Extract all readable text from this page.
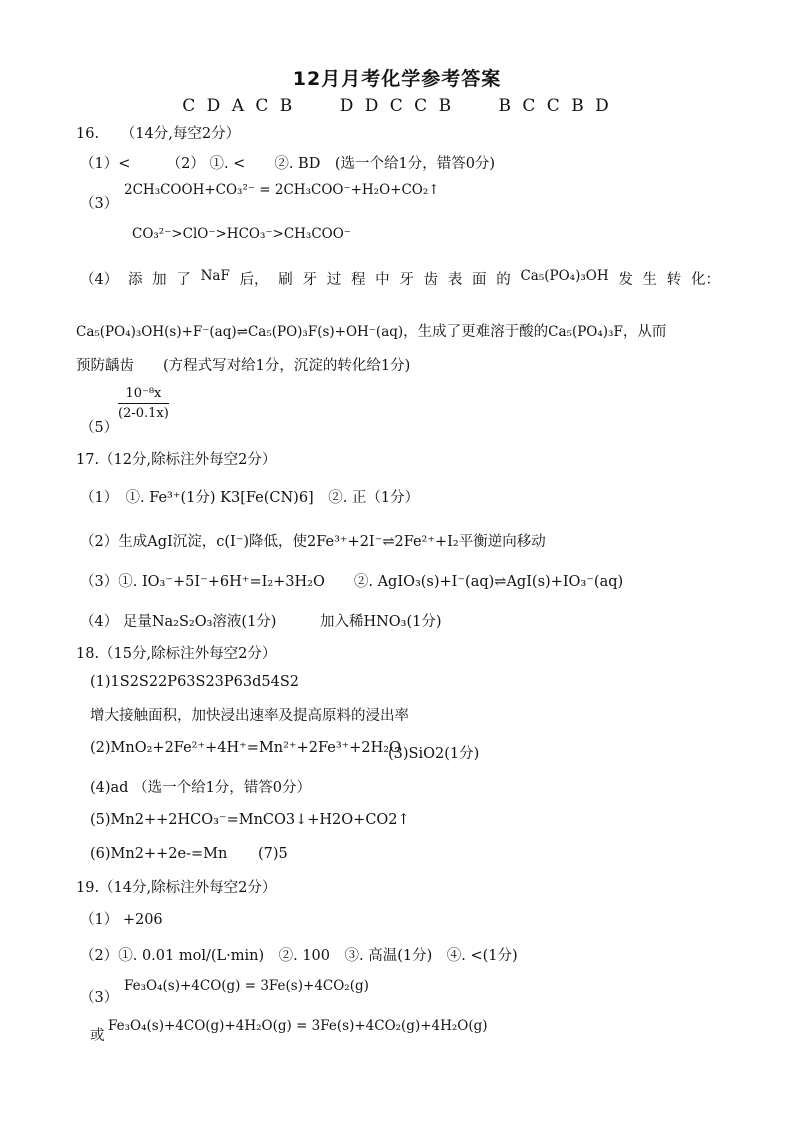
12月月考化学参考答案
C D A C B	D D C C B	B C C B D
16.　　（14分,每空2分）
（1）<　　　（2） ①. <　　②. BD　(选一个给1分，错答0分)
（3）
2CH₃COOH+CO₃²⁻ = 2CH₃COO⁻+H₂O+CO₂↑
CO₃²⁻>ClO⁻>HCO₃⁻>CH₃COO⁻
（4） 添 加 了 NaF 后， 刷 牙 过 程 中 牙 齿 表 面 的 Ca₅(PO₄)₃OH 发 生 转 化：
Ca₅(PO₄)₃OH(s)+F⁻(aq)⇌Ca₅(PO)₃F(s)+OH⁻(aq)，生成了更难溶于酸的Ca₅(PO₄)₃F，从而
预防龋齿　　(方程式写对给1分，沉淀的转化给1分)
（5）
$\frac{\text{10⁻⁸x}}{(2-0.1x)}$
17.（12分,除标注外每空2分）
（1）　①. Fe³⁺(1分) K3[Fe(CN)6]　②. 正（1分）
（2）生成AgI沉淀，c(I⁻)降低，使2Fe³⁺+2I⁻⇌2Fe²⁺+I₂平衡逆向移动
（3）①. IO₃⁻+5I⁻+6H⁺=I₂+3H₂O　　②. AgIO₃(s)+I⁻(aq)⇌AgI(s)+IO₃⁻(aq)
（4） 足量Na₂S₂O₃溶液(1分)　　　加入稀HNO₃(1分)
18.（15分,除标注外每空2分）
(1)1S2S22P63S23P63d54S2
增大接触面积，加快浸出速率及提高原料的浸出率
(2)MnO₂+2Fe²⁺+4H⁺=Mn²⁺+2Fe³⁺+2H₂O
(3)SiO2(1分)
(4)ad （选一个给1分，错答0分）
(5)Mn2++2HCO₃⁻=MnCO3↓+H2O+CO2↑
(6)Mn2++2e-=Mn (7)5
19.（14分,除标注外每空2分）
（1） +206
（2）①. 0.01 mol/(L·min)　②. 100　③. 高温(1分)　④. <(1分)
（3）
Fe₃O₄(s)+4CO(g) = 3Fe(s)+4CO₂(g)
或
Fe₃O₄(s)+4CO(g)+4H₂O(g) = 3Fe(s)+4CO₂(g)+4H₂O(g)
